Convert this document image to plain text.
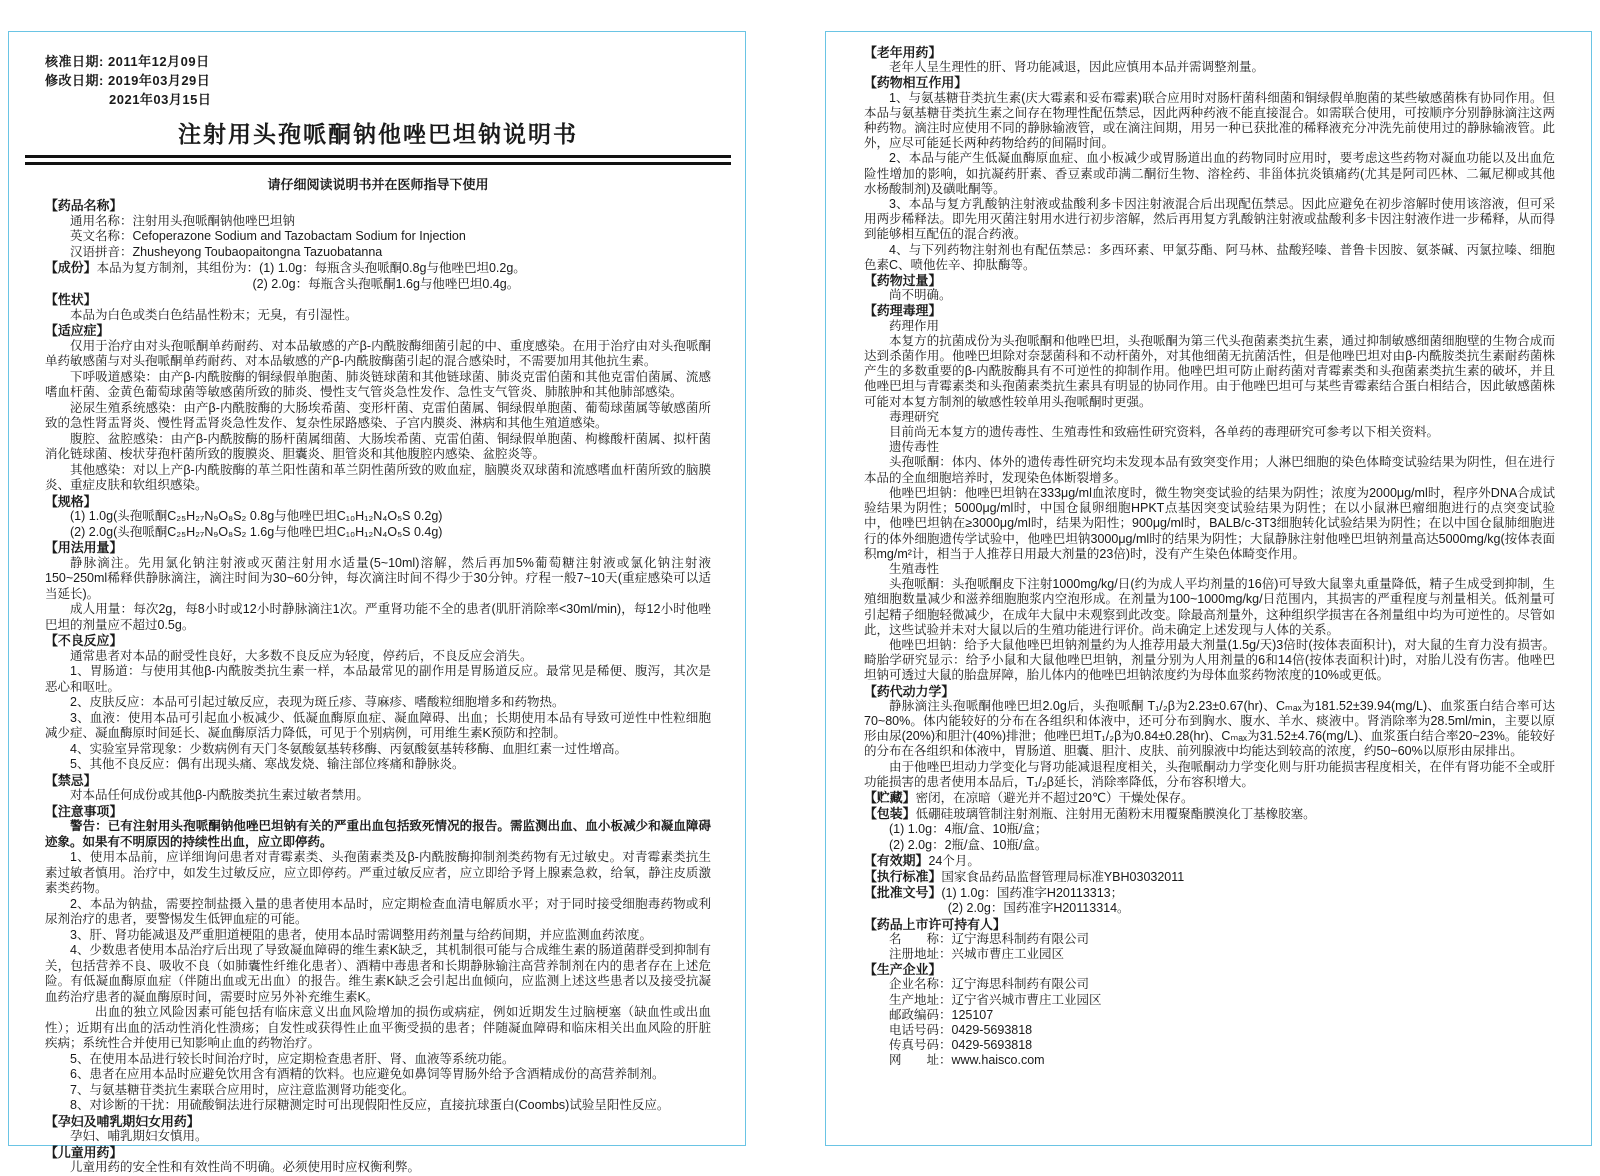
核准日期: 2011年12月09日
修改日期: 2019年03月29日
2021年03月15日
注射用头孢哌酮钠他唑巴坦钠说明书
请仔细阅读说明书并在医师指导下使用
【药品名称】
通用名称：注射用头孢哌酮钠他唑巴坦钠
英文名称：Cefoperazone Sodium and Tazobactam Sodium for Injection
汉语拼音：Zhusheyong Toubaopaitongna Tazuobatanna
【成份】本品为复方制剂，其组份为：(1) 1.0g：每瓶含头孢哌酮0.8g与他唑巴坦0.2g。
(2) 2.0g：每瓶含头孢哌酮1.6g与他唑巴坦0.4g。
【性状】
本品为白色或类白色结晶性粉末；无臭，有引湿性。
【适应症】
仅用于治疗由对头孢哌酮单药耐药、对本品敏感的产β-内酰胺酶细菌引起的中、重度感染。在用于治疗由对头孢哌酮单药敏感菌与对头孢哌酮单药耐药、对本品敏感的产β-内酰胺酶菌引起的混合感染时，不需要加用其他抗生素。
下呼吸道感染：由产β-内酰胺酶的铜绿假单胞菌、肺炎链球菌和其他链球菌、肺炎克雷伯菌和其他克雷伯菌属、流感嗜血杆菌、金黄色葡萄球菌等敏感菌所致的肺炎、慢性支气管炎急性发作、急性支气管炎、肺脓肿和其他肺部感染。
泌尿生殖系统感染：由产β-内酰胺酶的大肠埃希菌、变形杆菌、克雷伯菌属、铜绿假单胞菌、葡萄球菌属等敏感菌所致的急性肾盂肾炎、慢性肾盂肾炎急性发作、复杂性尿路感染、子宫内膜炎、淋病和其他生殖道感染。
腹腔、盆腔感染：由产β-内酰胺酶的肠杆菌属细菌、大肠埃希菌、克雷伯菌、铜绿假单胞菌、枸橼酸杆菌属、拟杆菌消化链球菌、梭状芽孢杆菌所致的腹膜炎、胆囊炎、胆管炎和其他腹腔内感染、盆腔炎等。
其他感染：对以上产β-内酰胺酶的革兰阳性菌和革兰阴性菌所致的败血症，脑膜炎双球菌和流感嗜血杆菌所致的脑膜炎、重症皮肤和软组织感染。
【规格】
(1) 1.0g(头孢哌酮C₂₅H₂₇N₉O₈S₂ 0.8g与他唑巴坦C₁₀H₁₂N₄O₅S 0.2g)
(2) 2.0g(头孢哌酮C₂₅H₂₇N₉O₈S₂ 1.6g与他唑巴坦C₁₀H₁₂N₄O₅S 0.4g)
【用法用量】
静脉滴注。先用氯化钠注射液或灭菌注射用水适量(5~10ml)溶解，然后再加5%葡萄糖注射液或氯化钠注射液150~250ml稀释供静脉滴注，滴注时间为30~60分钟，每次滴注时间不得少于30分钟。疗程一般7~10天(重症感染可以适当延长)。
成人用量：每次2g，每8小时或12小时静脉滴注1次。严重肾功能不全的患者(肌肝消除率<30ml/min)，每12小时他唑巴坦的剂量应不超过0.5g。
【不良反应】
通常患者对本品的耐受性良好，大多数不良反应为轻度，停药后，不良反应会消失。
1、胃肠道：与使用其他β-内酰胺类抗生素一样，本品最常见的副作用是胃肠道反应。最常见是稀便、腹泻，其次是恶心和呕吐。
2、皮肤反应：本品可引起过敏反应，表现为斑丘疹、荨麻疹、嗜酸粒细胞增多和药物热。
3、血液：使用本品可引起血小板减少、低凝血酶原血症、凝血障碍、出血；长期使用本品有导致可逆性中性粒细胞减少症、凝血酶原时间延长、凝血酶原活力降低，可见于个别病例，可用维生素K预防和控制。
4、实验室异常现象：少数病例有天门冬氨酸氨基转移酶、丙氨酸氨基转移酶、血胆红素一过性增高。
5、其他不良反应：偶有出现头痛、寒战发烧、输注部位疼痛和静脉炎。
【禁忌】
对本品任何成份或其他β-内酰胺类抗生素过敏者禁用。
【注意事项】
警告：已有注射用头孢哌酮钠他唑巴坦钠有关的严重出血包括致死情况的报告。需监测出血、血小板减少和凝血障碍迹象。如果有不明原因的持续性出血，应立即停药。
1、使用本品前，应详细询问患者对青霉素类、头孢菌素类及β-内酰胺酶抑制剂类药物有无过敏史。对青霉素类抗生素过敏者慎用。治疗中，如发生过敏反应，应立即停药。严重过敏反应者，应立即给予肾上腺素急救，给氧，静注皮质激素类药物。
2、本品为钠盐，需要控制盐摄入量的患者使用本品时，应定期检查血清电解质水平；对于同时接受细胞毒药物或利尿剂治疗的患者，要警惕发生低钾血症的可能。
3、肝、肾功能减退及严重胆道梗阻的患者，使用本品时需调整用药剂量与给药间期，并应监测血药浓度。
4、少数患者使用本品治疗后出现了导致凝血障碍的维生素K缺乏，其机制很可能与合成维生素的肠道菌群受到抑制有关，包括营养不良、吸收不良（如肺囊性纤维化患者）、酒精中毒患者和长期静脉输注高营养制剂在内的患者存在上述危险。有低凝血酶原血症（伴随出血或无出血）的报告。维生素K缺乏会引起出血倾向，应监测上述这些患者以及接受抗凝血药治疗患者的凝血酶原时间，需要时应另外补充维生素K。
出血的独立风险因素可能包括有临床意义出血风险增加的损伤或病症，例如近期发生过脑梗塞（缺血性或出血性）；近期有出血的活动性消化性溃疡；自发性或获得性止血平衡受损的患者；伴随凝血障碍和临床相关出血风险的肝脏疾病；系统性合并使用已知影响止血的药物治疗。
5、在使用本品进行较长时间治疗时，应定期检查患者肝、肾、血液等系统功能。
6、患者在应用本品时应避免饮用含有酒精的饮料。也应避免如鼻饲等胃肠外给予含酒精成份的高营养制剂。
7、与氨基糖苷类抗生素联合应用时，应注意监测肾功能变化。
8、对诊断的干扰：用硫酸铜法进行尿糖测定时可出现假阳性反应，直接抗球蛋白(Coombs)试验呈阳性反应。
【孕妇及哺乳期妇女用药】
孕妇、哺乳期妇女慎用。
【儿童用药】
儿童用药的安全性和有效性尚不明确。必须使用时应权衡利弊。
【老年用药】
老年人呈生理性的肝、肾功能减退，因此应慎用本品并需调整剂量。
【药物相互作用】
1、与氨基糖苷类抗生素(庆大霉素和妥布霉素)联合应用时对肠杆菌科细菌和铜绿假单胞菌的某些敏感菌株有协同作用。但本品与氨基糖苷类抗生素之间存在物理性配伍禁忌，因此两种药液不能直接混合。如需联合使用，可按顺序分别静脉滴注这两种药物。滴注时应使用不同的静脉输液管，或在滴注间期，用另一种已获批准的稀释液充分冲洗先前使用过的静脉输液管。此外，应尽可能延长两种药物给药的间隔时间。
2、本品与能产生低凝血酶原血症、血小板减少或胃肠道出血的药物同时应用时，要考虑这些药物对凝血功能以及出血危险性增加的影响，如抗凝药肝素、香豆素或茚满二酮衍生物、溶栓药、非甾体抗炎镇痛药(尤其是阿司匹林、二氟尼柳或其他水杨酸制剂)及磺吡酮等。
3、本品与复方乳酸钠注射液或盐酸利多卡因注射液混合后出现配伍禁忌。因此应避免在初步溶解时使用该溶液，但可采用两步稀释法。即先用灭菌注射用水进行初步溶解，然后再用复方乳酸钠注射液或盐酸利多卡因注射液作进一步稀释，从而得到能够相互配伍的混合药液。
4、与下列药物注射剂也有配伍禁忌：多西环素、甲氯芬酯、阿马林、盐酸羟嗪、普鲁卡因胺、氨茶碱、丙氯拉嗪、细胞色素C、喷他佐辛、抑肽酶等。
【药物过量】
尚不明确。
【药理毒理】
药理作用
本复方的抗菌成份为头孢哌酮和他唑巴坦，头孢哌酮为第三代头孢菌素类抗生素，通过抑制敏感细菌细胞壁的生物合成而达到杀菌作用。他唑巴坦除对奈瑟菌科和不动杆菌外，对其他细菌无抗菌活性，但是他唑巴坦对由β-内酰胺类抗生素耐药菌株产生的多数重要的β-内酰胺酶具有不可逆性的抑制作用。他唑巴坦可防止耐药菌对青霉素类和头孢菌素类抗生素的破坏，并且他唑巴坦与青霉素类和头孢菌素类抗生素具有明显的协同作用。由于他唑巴坦可与某些青霉素结合蛋白相结合，因此敏感菌株可能对本复方制剂的敏感性较单用头孢哌酮时更强。
毒理研究
目前尚无本复方的遗传毒性、生殖毒性和致癌性研究资料，各单药的毒理研究可参考以下相关资料。
遗传毒性
头孢哌酮：体内、体外的遗传毒性研究均未发现本品有致突变作用；人淋巴细胞的染色体畸变试验结果为阴性，但在进行本品的全血细胞培养时，发现染色体断裂增多。
他唑巴坦钠：他唑巴坦钠在333μg/ml血浓度时，微生物突变试验的结果为阴性；浓度为2000μg/ml时，程序外DNA合成试验结果为阴性；5000μg/ml时，中国仓鼠卵细胞HPKT点基因突变试验结果为阴性；在以小鼠淋巴瘤细胞进行的点突变试验中，他唑巴坦钠在≥3000μg/ml时，结果为阳性；900μg/ml时，BALB/c-3T3细胞转化试验结果为阴性；在以中国仓鼠肺细胞进行的体外细胞遗传学试验中，他唑巴坦钠3000μg/ml时的结果为阴性；大鼠静脉注射他唑巴坦钠剂量高达5000mg/kg(按体表面积mg/m²计，相当于人推荐日用最大剂量的23倍)时，没有产生染色体畸变作用。
生殖毒性
头孢哌酮：头孢哌酮皮下注射1000mg/kg/日(约为成人平均剂量的16倍)可导致大鼠睾丸重量降低，精子生成受到抑制，生殖细胞数量减少和滋养细胞胞浆内空泡形成。在剂量为100~1000mg/kg/日范围内，其损害的严重程度与剂量相关。低剂量可引起精子细胞轻微减少，在成年大鼠中未观察到此改变。除最高剂量外，这种组织学损害在各剂量组中均为可逆性的。尽管如此，这些试验并未对大鼠以后的生殖功能进行评价。尚未确定上述发现与人体的关系。
他唑巴坦钠：给予大鼠他唑巴坦钠剂量约为人推荐用最大剂量(1.5g/天)3倍时(按体表面积计)，对大鼠的生育力没有损害。畸胎学研究显示：给予小鼠和大鼠他唑巴坦钠，剂量分别为人用剂量的6和14倍(按体表面积计)时，对胎儿没有伤害。他唑巴坦钠可透过大鼠的胎盘屏障，胎儿体内的他唑巴坦钠浓度约为母体血浆药物浓度的10%或更低。
【药代动力学】
静脉滴注头孢哌酮他唑巴坦2.0g后，头孢哌酮 T₁/₂β为2.23±0.67(hr)、Cₘₐₓ为181.52±39.94(mg/L)、血浆蛋白结合率可达70~80%。体内能较好的分布在各组织和体液中，还可分布到胸水、腹水、羊水、痰液中。肾消除率为28.5ml/min，主要以原形由尿(20%)和胆汁(40%)排泄；他唑巴坦T₁/₂β为0.84±0.28(hr)、Cₘₐₓ为31.52±4.76(mg/L)、血浆蛋白结合率20~23%。能较好的分布在各组织和体液中，胃肠道、胆囊、胆汁、皮肤、前列腺液中均能达到较高的浓度，约50~60%以原形由尿排出。
由于他唑巴坦动力学变化与肾功能减退程度相关，头孢哌酮动力学变化则与肝功能损害程度相关，在伴有肾功能不全或肝功能损害的患者使用本品后，T₁/₂β延长，消除率降低，分布容积增大。
【贮藏】密闭，在凉暗（避光并不超过20℃）干燥处保存。
【包装】低硼硅玻璃管制注射剂瓶、注射用无菌粉末用覆聚酯膜溴化丁基橡胶塞。
(1) 1.0g：4瓶/盒、10瓶/盒；
(2) 2.0g：2瓶/盒、10瓶/盒。
【有效期】24个月。
【执行标准】国家食品药品监督管理局标准YBH03032011
【批准文号】(1) 1.0g：国药准字H20113313；
(2) 2.0g：国药准字H20113314。
【药品上市许可持有人】
名　　称：辽宁海思科制药有限公司
注册地址：兴城市曹庄工业园区
【生产企业】
企业名称：辽宁海思科制药有限公司
生产地址：辽宁省兴城市曹庄工业园区
邮政编码：125107
电话号码：0429-5693818
传真号码：0429-5693818
网　　址：www.haisco.com
